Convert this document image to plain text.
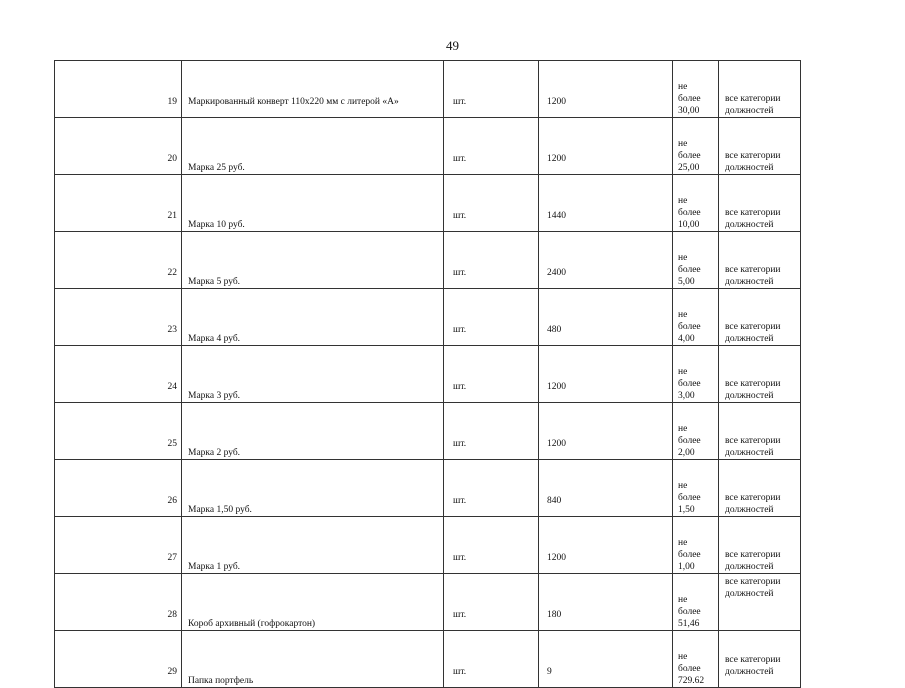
49
19	Маркированный конверт 110х220 мм с литерой «А»	шт.	1200	не
более
30,00	все категории
должностей

20	Марка 25 руб.	шт.	1200	не
более
25,00	все категории
должностей

21	Марка 10 руб.	шт.	1440	не
более
10,00	все категории
должностей

22	Марка 5 руб.	шт.	2400	не
более
5,00	все категории
должностей

23	Марка 4 руб.	шт.	480	не
более
4,00	все категории
должностей

24	Марка 3 руб.	шт.	1200	не
более
3,00	все категории
должностей

25	Марка 2 руб.	шт.	1200	не
более
2,00	все категории
должностей

26	Марка 1,50 руб.	шт.	840	не
более
1,50	все категории
должностей

27	Марка 1 руб.	шт.	1200	не
более
1,00	все категории
должностей

28	Короб архивный (гофрокартон)	шт.	180	не
более
51,46	все категории
должностей

29	Папка портфель	шт.	9	не
более
729.62	все категории
должностей
